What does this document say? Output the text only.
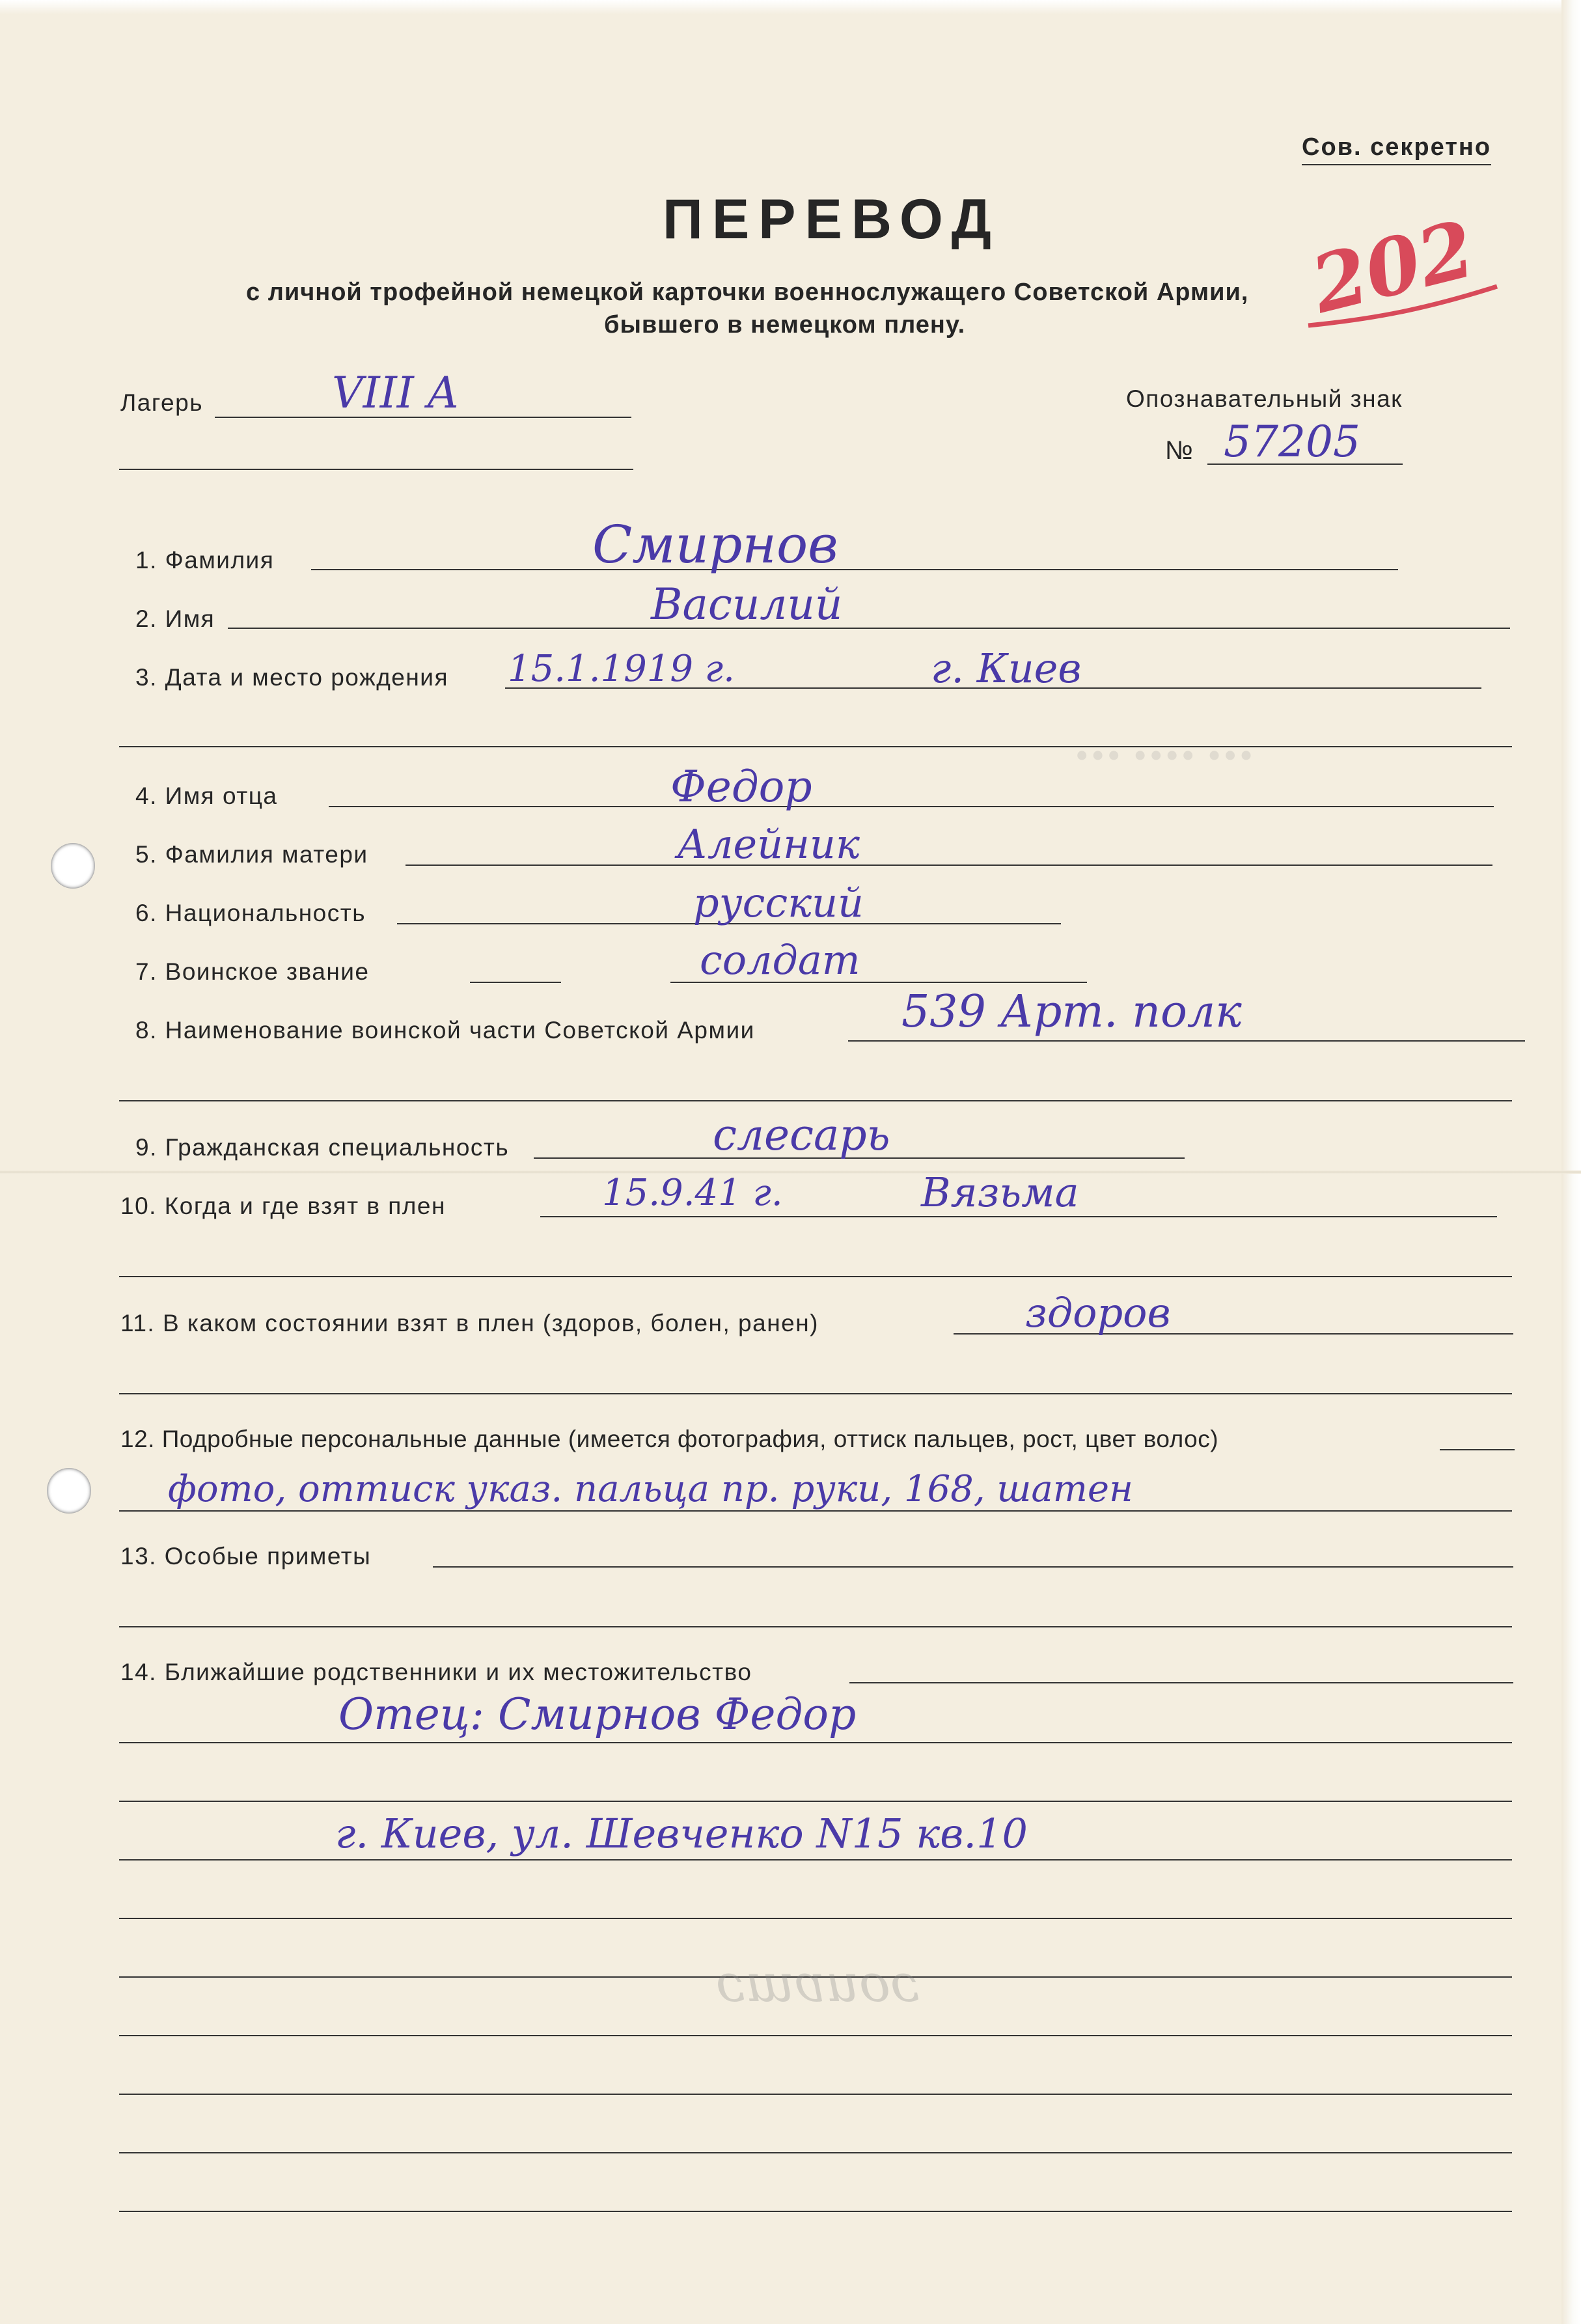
Сов. секретно
ПЕРЕВОД
с личной трофейной немецкой карточки военнослужащего Советской Армии,
бывшего в немецком плену.	202
Лагерь	VIII A	Опознавательный знак
№ 57205
1. Фамилия	Смирнов
2. Имя	Василий
3. Дата и место рождения 15.1.1919 г.	г. Киев
4. Имя отца	Федор
5. Фамилия матери	Алейник
6. Национальность	русский
7. Воинское звание	солдат
8. Наименование воинской части Советской Армии	539 Арт. полк
9. Гражданская специальность	слесарь
10. Когда и где взят в плен	15.9.41 г.	Вязьма
11. В каком состоянии взят в плен (здоров, болен, ранен)	здоров
12. Подробные персональные данные (имеется фотография, оттиск пальцев, рост, цвет волос)
фото, оттиск указ. пальца пр. руки, 168, шатен
13. Особые приметы
14. Ближайшие родственники и их местожительство
Отец: Смирнов Федор
г. Киев, ул. Шевченко N15 кв.10
ɔouɐɯɔ
∙∙∙ ∙∙∙∙ ∙∙∙
